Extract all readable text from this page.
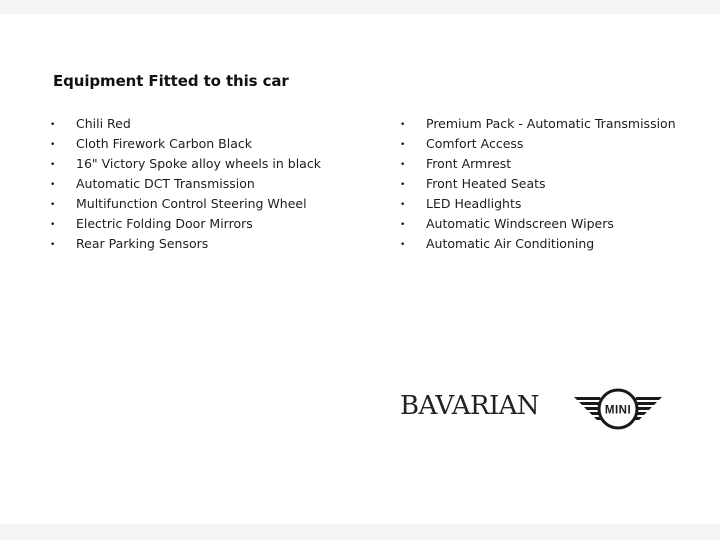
Equipment Fitted to this car
•	Chili Red
•	Cloth Firework Carbon Black
•	16" Victory Spoke alloy wheels in black
•	Automatic DCT Transmission
•	Multifunction Control Steering Wheel
•	Electric Folding Door Mirrors
•	Rear Parking Sensors
•	Premium Pack - Automatic Transmission
•	Comfort Access
•	Front Armrest
•	Front Heated Seats
•	LED Headlights
•	Automatic Windscreen Wipers
•	Automatic Air Conditioning
BAVARIAN	MINI
